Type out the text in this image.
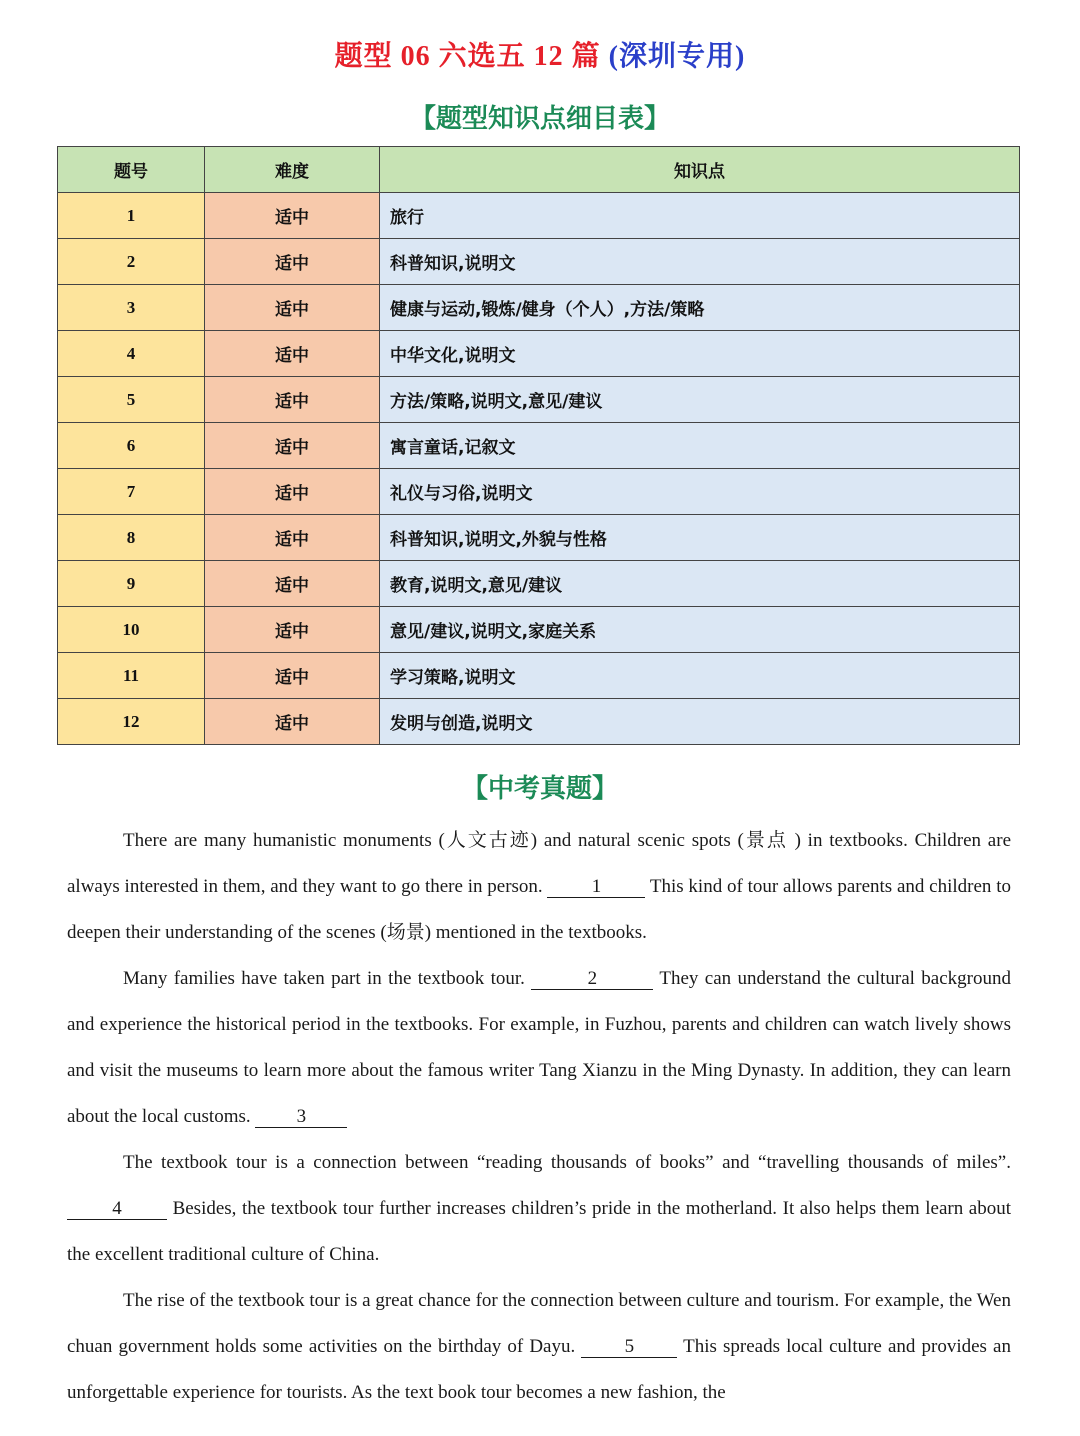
题型 06 六选五 12 篇 (深圳专用)
【题型知识点细目表】
题号	难度	知识点
1	适中	旅行
2	适中	科普知识,说明文
3	适中	健康与运动,锻炼/健身（个人）,方法/策略
4	适中	中华文化,说明文
5	适中	方法/策略,说明文,意见/建议
6	适中	寓言童话,记叙文
7	适中	礼仪与习俗,说明文
8	适中	科普知识,说明文,外貌与性格
9	适中	教育,说明文,意见/建议
10	适中	意见/建议,说明文,家庭关系
11	适中	学习策略,说明文
12	适中	发明与创造,说明文
【中考真题】

There are many humanistic monuments (人文古迹) and natural scenic spots (景点 ) in textbooks. Children are always interested in them, and they want to go there in person. 1 This kind of tour allows parents and children to deepen their understanding of the scenes (场景) mentioned in the textbooks.

Many families have taken part in the textbook tour.	2	They can understand the cultural background and experience the historical period in the textbooks. For example, in Fuzhou, parents and children can watch lively shows and visit the museums to learn more about the famous writer Tang Xianzu in the Ming Dynasty. In addition, they can learn about the local customs. 3

The textbook tour is a connection between “reading thousands of books” and “travelling thousands of miles”. 4 Besides, the textbook tour further increases children’s pride in the motherland. It also helps them learn about the excellent traditional culture of China.

The rise of the textbook tour is a great chance for the connection between culture and tourism. For example, the Wen chuan government holds some activities on the birthday of Dayu. 5 This spreads local culture and provides an unforgettable experience for tourists. As the text book tour becomes a new fashion, the
